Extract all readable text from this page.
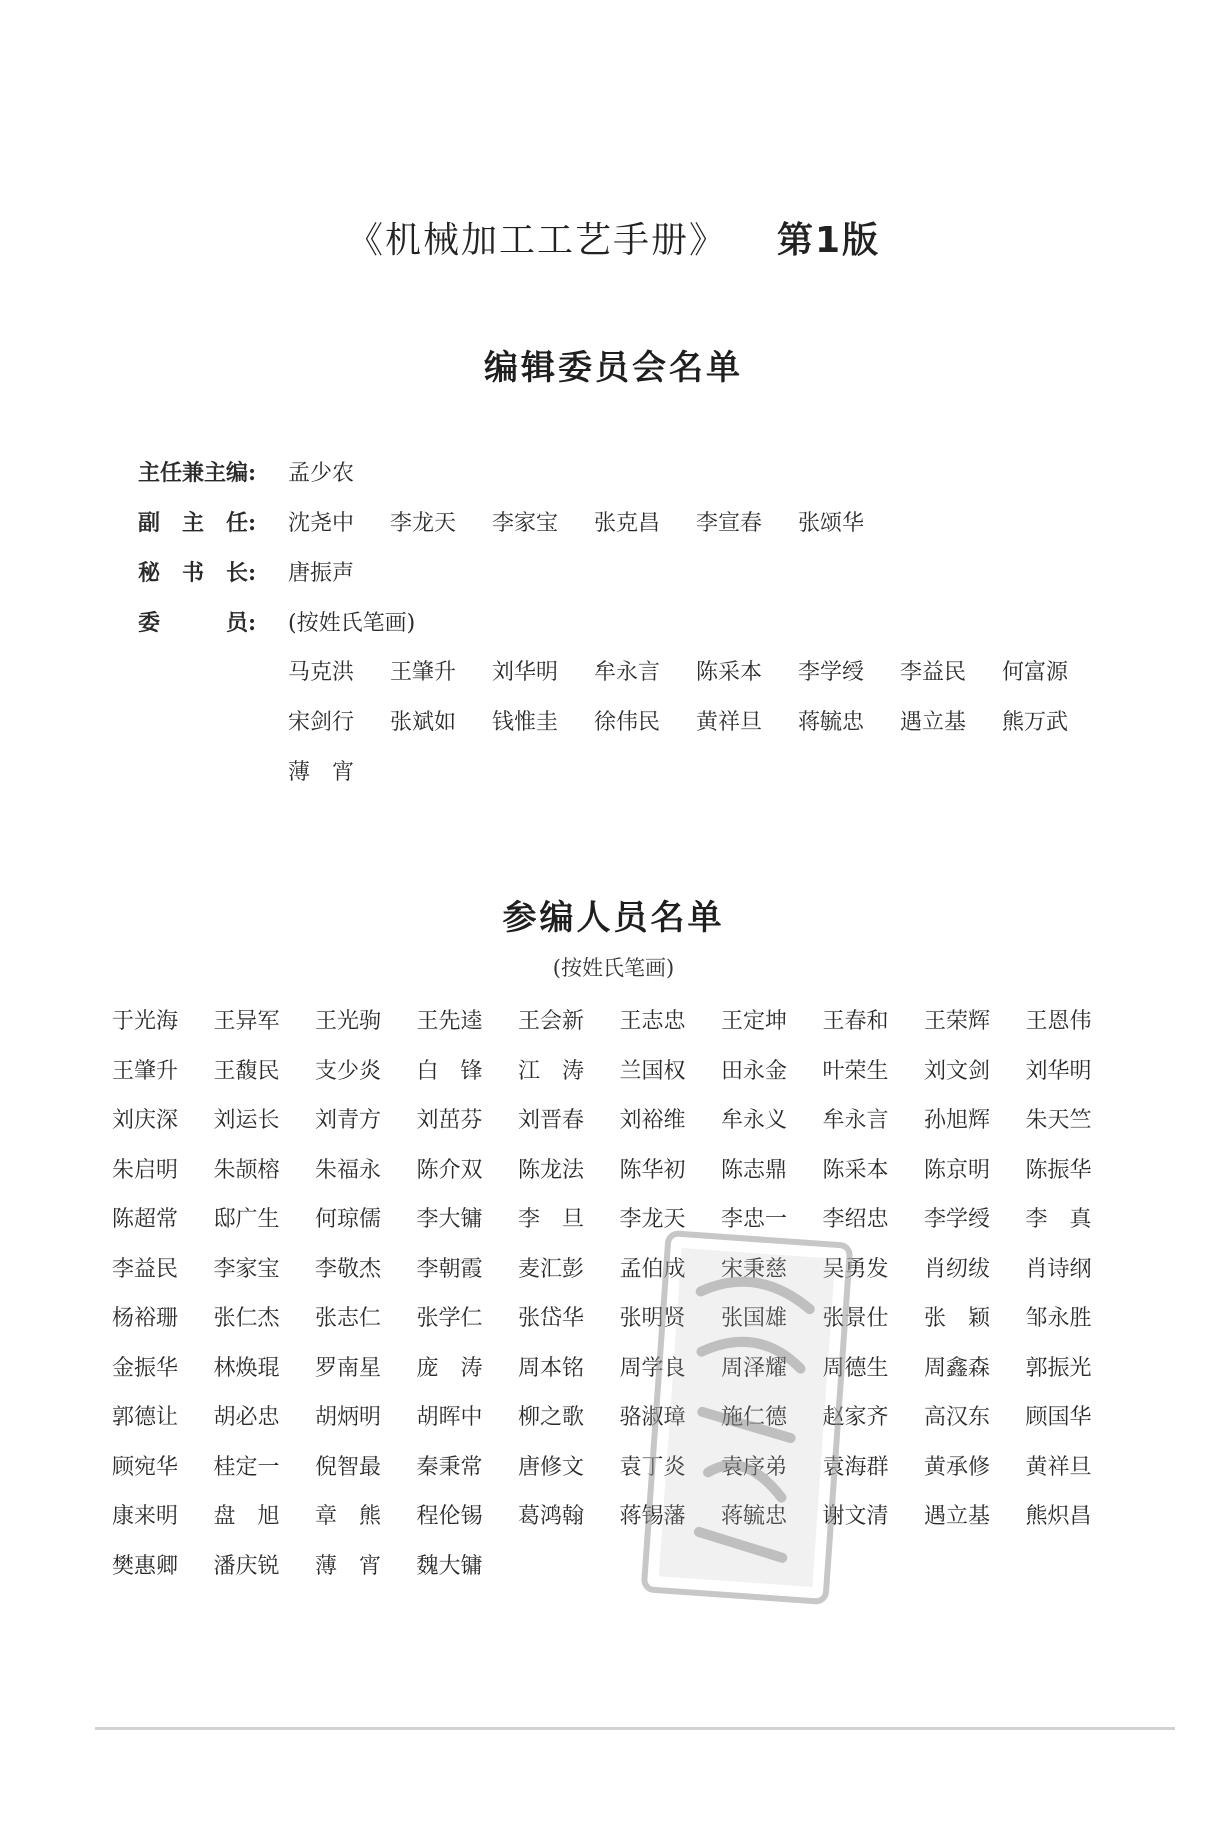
《机械加工工艺手册》 第1版
编辑委员会名单
主任兼主编: 孟少农
副　主　任: 沈尧中 李龙天 李家宝 张克昌 李宣春 张颂华
秘　书　长: 唐振声
委　　　员: (按姓氏笔画)
马克洪 王肇升 刘华明 牟永言 陈采本 李学绶 李益民 何富源
宋剑行 张斌如 钱惟圭 徐伟民 黄祥旦 蒋毓忠 遇立基 熊万武
薄　宵
参编人员名单
(按姓氏笔画)
于光海	王异军	王光驹	王先逵	王会新	王志忠	王定坤	王春和	王荣辉	王恩伟
王肇升	王馥民	支少炎	白　锋	江　涛	兰国权	田永金	叶荣生	刘文剑	刘华明
刘庆深	刘运长	刘青方	刘茁芬	刘晋春	刘裕维	牟永义	牟永言	孙旭辉	朱天竺
朱启明	朱颉榕	朱福永	陈介双	陈龙法	陈华初	陈志鼎	陈采本	陈京明	陈振华
陈超常	邸广生	何琼儒	李大镛	李　旦	李龙天	李忠一	李绍忠	李学绶	李　真
李益民	李家宝	李敬杰	李朝霞	麦汇彭	孟伯成	宋秉慈	吴勇发	肖纫绂	肖诗纲
杨裕珊	张仁杰	张志仁	张学仁	张岱华	张明贤	张国雄	张景仕	张　颖	邹永胜
金振华	林焕琨	罗南星	庞　涛	周本铭	周学良	周泽耀	周德生	周鑫森	郭振光
郭德让	胡必忠	胡炳明	胡晖中	柳之歌	骆淑璋	施仁德	赵家齐	高汉东	顾国华
顾宛华	桂定一	倪智最	秦秉常	唐修文	袁丁炎	袁序弟	袁海群	黄承修	黄祥旦
康来明	盘　旭	章　熊	程伦锡	葛鸿翰	蒋锡藩	蒋毓忠	谢文清	遇立基	熊炽昌
樊惠卿	潘庆锐	薄　宵	魏大镛
